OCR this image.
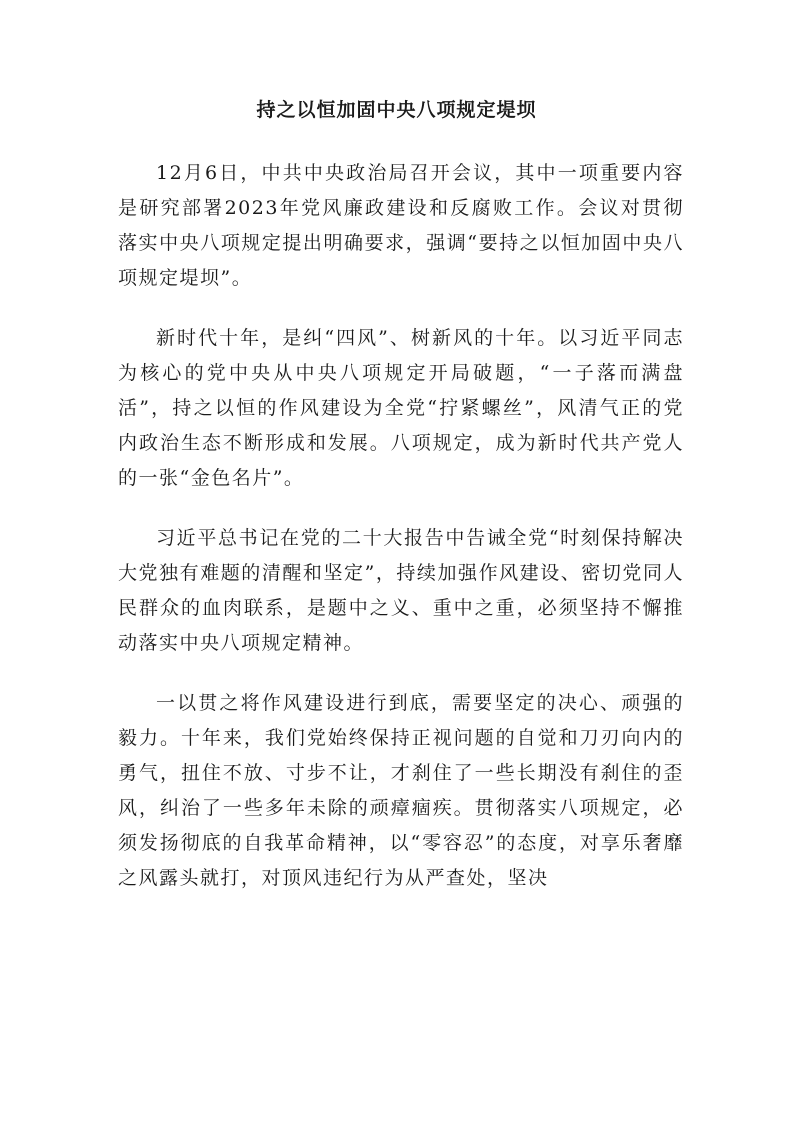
持之以恒加固中央八项规定堤坝

12月6日，中共中央政治局召开会议，其中一项重要内容是研究部署2023年党风廉政建设和反腐败工作。会议对贯彻落实中央八项规定提出明确要求，强调“要持之以恒加固中央八项规定堤坝”。

新时代十年，是纠“四风”、树新风的十年。以习近平同志为核心的党中央从中央八项规定开局破题，“一子落而满盘活”，持之以恒的作风建设为全党“拧紧螺丝”，风清气正的党内政治生态不断形成和发展。八项规定，成为新时代共产党人的一张“金色名片”。

习近平总书记在党的二十大报告中告诫全党“时刻保持解决大党独有难题的清醒和坚定”，持续加强作风建设、密切党同人民群众的血肉联系，是题中之义、重中之重，必须坚持不懈推动落实中央八项规定精神。

一以贯之将作风建设进行到底，需要坚定的决心、顽强的毅力。十年来，我们党始终保持正视问题的自觉和刀刃向内的勇气，扭住不放、寸步不让，才刹住了一些长期没有刹住的歪风，纠治了一些多年未除的顽瘴痼疾。贯彻落实八项规定，必须发扬彻底的自我革命精神，以“零容忍”的态度，对享乐奢靡之风露头就打，对顶风违纪行为从严查处，坚决
